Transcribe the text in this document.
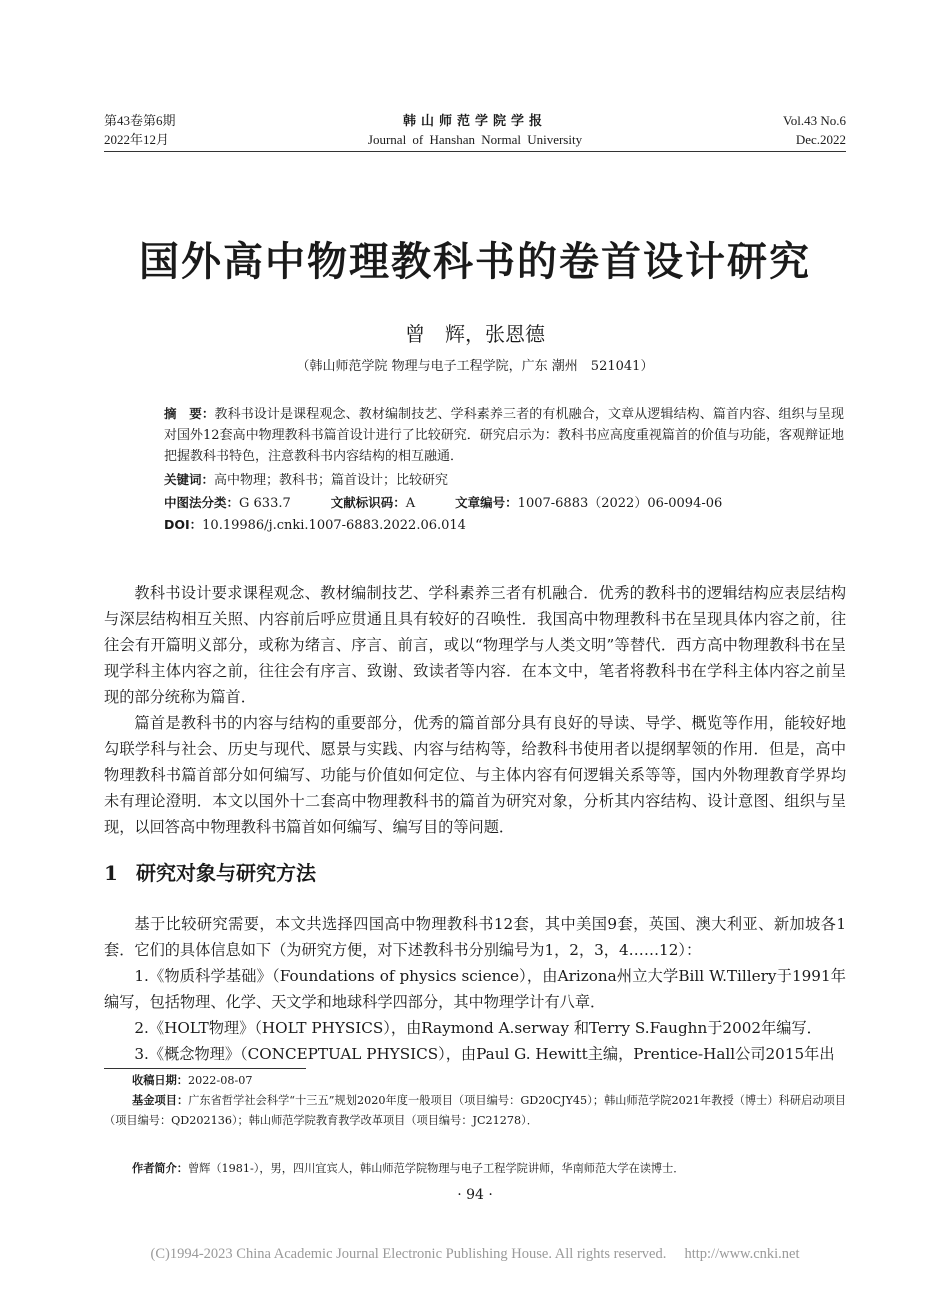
第43卷第6期
2022年12月
韩山师范学院学报
Journal of Hanshan Normal University
Vol.43 No.6
Dec.2022
国外高中物理教科书的卷首设计研究
曾　辉，张恩德
（韩山师范学院 物理与电子工程学院，广东 潮州　521041）
摘　要：教科书设计是课程观念、教材编制技艺、学科素养三者的有机融合，文章从逻辑结构、篇首内容、组织与呈现对国外12套高中物理教科书篇首设计进行了比较研究．研究启示为：教科书应高度重视篇首的价值与功能，客观辩证地把握教科书特色，注意教科书内容结构的相互融通．
关键词：高中物理；教科书；篇首设计；比较研究
中图法分类：G 633.7	文献标识码：A	文章编号：1007-6883（2022）06-0094-06
DOI：10.19986/j.cnki.1007-6883.2022.06.014

教科书设计要求课程观念、教材编制技艺、学科素养三者有机融合．优秀的教科书的逻辑结构应表层结构与深层结构相互关照、内容前后呼应贯通且具有较好的召唤性．我国高中物理教科书在呈现具体内容之前，往往会有开篇明义部分，或称为绪言、序言、前言，或以“物理学与人类文明”等替代．西方高中物理教科书在呈现学科主体内容之前，往往会有序言、致谢、致读者等内容．在本文中，笔者将教科书在学科主体内容之前呈现的部分统称为篇首．

篇首是教科书的内容与结构的重要部分，优秀的篇首部分具有良好的导读、导学、概览等作用，能较好地勾联学科与社会、历史与现代、愿景与实践、内容与结构等，给教科书使用者以提纲挈领的作用．但是，高中物理教科书篇首部分如何编写、功能与价值如何定位、与主体内容有何逻辑关系等等，国内外物理教育学界均未有理论澄明．本文以国外十二套高中物理教科书的篇首为研究对象，分析其内容结构、设计意图、组织与呈现，以回答高中物理教科书篇首如何编写、编写目的等问题．

1 研究对象与研究方法

基于比较研究需要，本文共选择四国高中物理教科书12套，其中美国9套，英国、澳大利亚、新加坡各1套．它们的具体信息如下（为研究方便，对下述教科书分别编号为1，2，3，4……12）：

1.《物质科学基础》（Foundations of physics science），由Arizona州立大学Bill W.Tillery于1991年编写，包括物理、化学、天文学和地球科学四部分，其中物理学计有八章．

2.《HOLT物理》（HOLT PHYSICS），由Raymond A.serway 和Terry S.Faughn于2002年编写．

3.《概念物理》（CONCEPTUAL PHYSICS），由Paul G. Hewitt主编，Prentice-Hall公司2015年出

收稿日期：2022-08-07
基金项目：广东省哲学社会科学“十三五”规划2020年度一般项目（项目编号：GD20CJY45）；韩山师范学院2021年教授（博士）科研启动项目（项目编号：QD202136）；韩山师范学院教育教学改革项目（项目编号：JC21278）．
作者简介：曾辉（1981-），男，四川宜宾人，韩山师范学院物理与电子工程学院讲师，华南师范大学在读博士．
· 94 ·
(C)1994-2023 China Academic Journal Electronic Publishing House. All rights reserved.　 http://www.cnki.net
